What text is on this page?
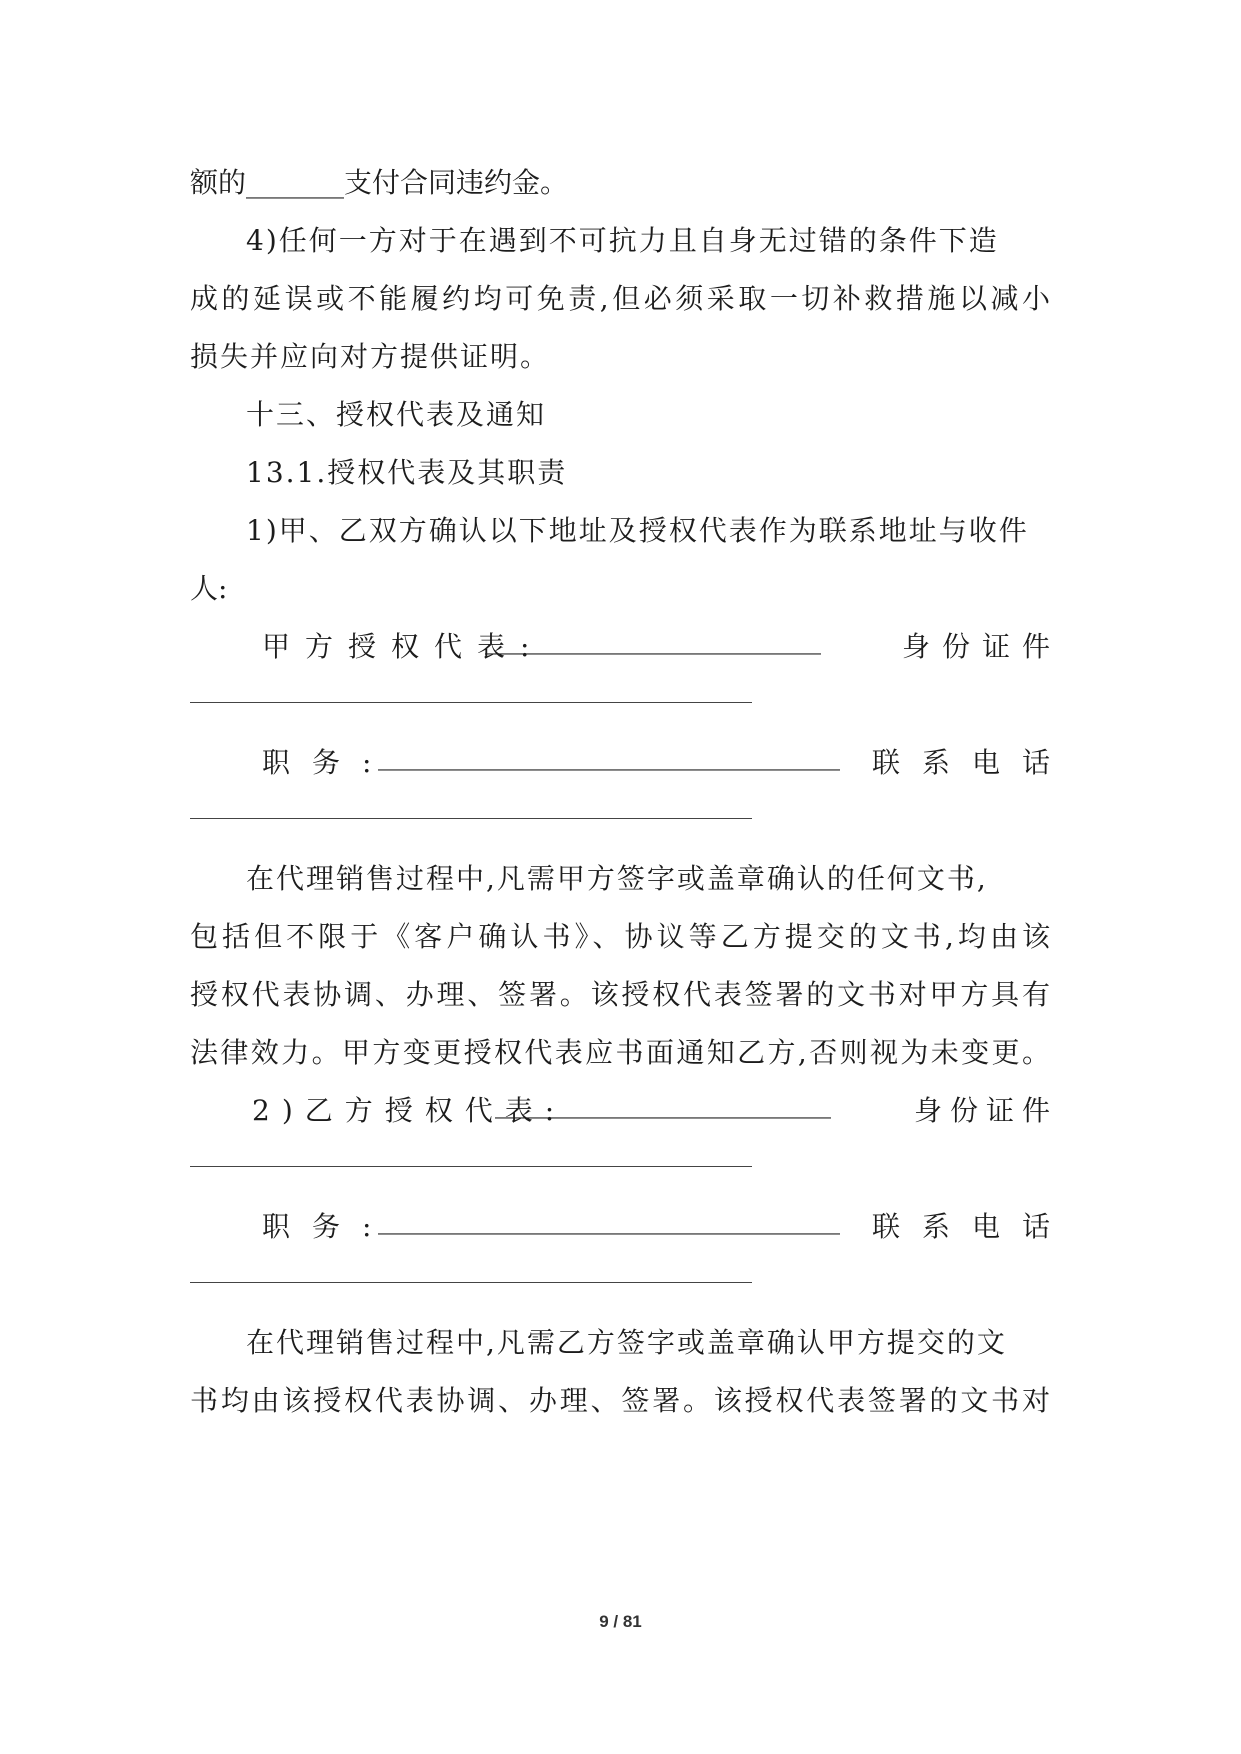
额的_______支付合同违约金。

4)任何一方对于在遇到不可抗力且自身无过错的条件下造

成的延误或不能履约均可免责,但必须采取一切补救措施以减小

损失并应向对方提供证明。

十三、授权代表及通知

13.1.授权代表及其职责

1)甲、乙双方确认以下地址及授权代表作为联系地址与收件

人:

甲方授权代表:
________________________	身份证件
职务:
_________________________________ 联系电话

在代理销售过程中,凡需甲方签字或盖章确认的任何文书,

包括但不限于《客户确认书》、协议等乙方提交的文书,均由该

授权代表协调、办理、签署。该授权代表签署的文书对甲方具有

法律效力。甲方变更授权代表应书面通知乙方,否则视为未变更。

2)乙方授权代表:
________________________	身份证件
职务:
_________________________________ 联系电话

在代理销售过程中,凡需乙方签字或盖章确认甲方提交的文

书均由该授权代表协调、办理、签署。该授权代表签署的文书对

9 / 81
